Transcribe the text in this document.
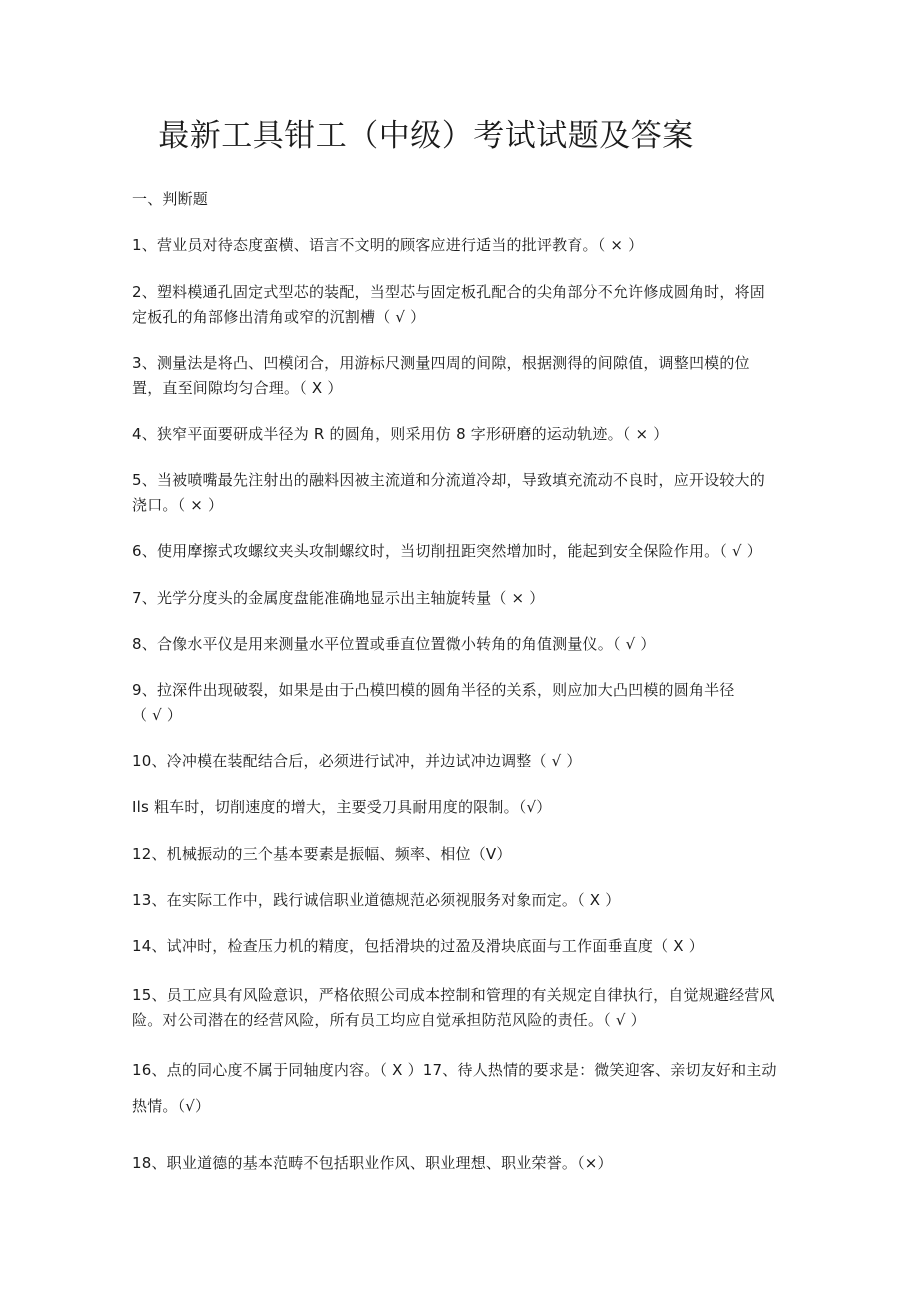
最新工具钳工（中级）考试试题及答案

一、判断题

1、营业员对待态度蛮横、语言不文明的顾客应进行适当的批评教育。（ × ）

2、塑料模通孔固定式型芯的装配，当型芯与固定板孔配合的尖角部分不允许修成圆角时，将固

定板孔的角部修出清角或窄的沉割槽（ √ ）

3、测量法是将凸、凹模闭合，用游标尺测量四周的间隙，根据测得的间隙值，调整凹模的位

置，直至间隙均匀合理。（ X ）

4、狭窄平面要研成半径为 R 的圆角，则采用仿 8 字形研磨的运动轨迹。（ × ）

5、当被喷嘴最先注射出的融料因被主流道和分流道冷却，导致填充流动不良时，应开设较大的

浇口。（ × ）

6、使用摩擦式攻螺纹夹头攻制螺纹时，当切削扭距突然增加时，能起到安全保险作用。（ √ ）

7、光学分度头的金属度盘能准确地显示出主轴旋转量（ × ）

8、合像水平仪是用来测量水平位置或垂直位置微小转角的角值测量仪。（ √ ）

9、拉深件出现破裂，如果是由于凸模凹模的圆角半径的关系，则应加大凸凹模的圆角半径

（ √ ）

10、冷冲模在装配结合后，必须进行试冲，并边试冲边调整（ √ ）

Ils 粗车时，切削速度的增大，主要受刀具耐用度的限制。（√）

12、机械振动的三个基本要素是振幅、频率、相位（V）

13、在实际工作中，践行诚信职业道德规范必须视服务对象而定。（ X ）

14、试冲时，检查压力机的精度，包括滑块的过盈及滑块底面与工作面垂直度（ X ）

15、员工应具有风险意识，严格依照公司成本控制和管理的有关规定自律执行，自觉规避经营风

险。对公司潜在的经营风险，所有员工均应自觉承担防范风险的责任。（ √ ）

16、点的同心度不属于同轴度内容。（ X ）17、待人热情的要求是：微笑迎客、亲切友好和主动

热情。（√）

18、职业道德的基本范畴不包括职业作风、职业理想、职业荣誉。（×）
